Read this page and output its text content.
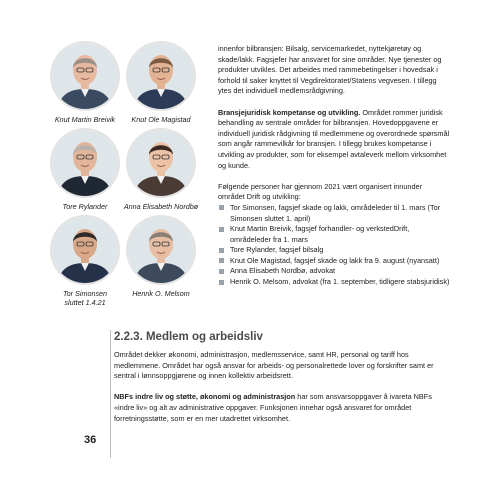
Knut Martin Breivik	Knut Ole Magistad
Tore Rylander	Anna Elisabeth Nordbø
Tor Simonsen
sluttet 1.4.21
Henrik O. Melsom

innenfor bilbransjen: Bilsalg, servicemarkedet, nyttekjøretøy og skade/lakk. Fagsjefer har ansvaret for sine områder. Nye tjenester og produkter utvikles. Det arbeides med rammebetingelser i hovedsak i forhold til saker knyttet til Vegdirektoratet/Statens vegvesen. I tillegg ytes det individuell medlemsrådgivning.

Bransjejuridisk kompetanse og utvikling. Området rommer juridisk behandling av sentrale områder for bilbransjen. Hovedoppgavene er individuell juridisk rådgivning til medlemmene og overordnede spørsmål som angår rammevilkår for bransjen. I tillegg brukes kompetanse i utvikling av produkter, som for eksempel avtaleverk mellom virksomhet og kunde.

Følgende personer har gjennom 2021 vært organisert innunder området Drift og utvikling:

Tor Simonsen, fagsjef skade og lakk, områdeleder til 1. mars (Tor Simonsen sluttet 1. april)
Knut Martin Breivik, fagsjef forhandler- og verkstedDrift, områdeleder fra 1. mars
Tore Rylander, fagsjef bilsalg
Knut Ole Magistad, fagsjef skade og lakk fra 9. august (nyansatt)
Anna Elisabeth Nordbø, advokat
Henrik O. Melsom, advokat (fra 1. september, tidligere stabsjuridisk)
2.2.3. Medlem og arbeidsliv

Området dekker økonomi, administrasjon, medlemsservice, samt HR, personal og tariff hos medlemmene. Området har også ansvar for arbeids- og personalrettede lover og forskrifter samt er sentral i lønnsoppgjørene og innen kollektiv arbeidsrett.

NBFs indre liv og støtte, økonomi og administrasjon har som ansvarsoppgaver å ivareta NBFs «indre liv» og alt av administrative oppgaver. Funksjonen innehar også ansvaret for området forretningsstøtte, som er en mer utadrettet virksomhet.

36
